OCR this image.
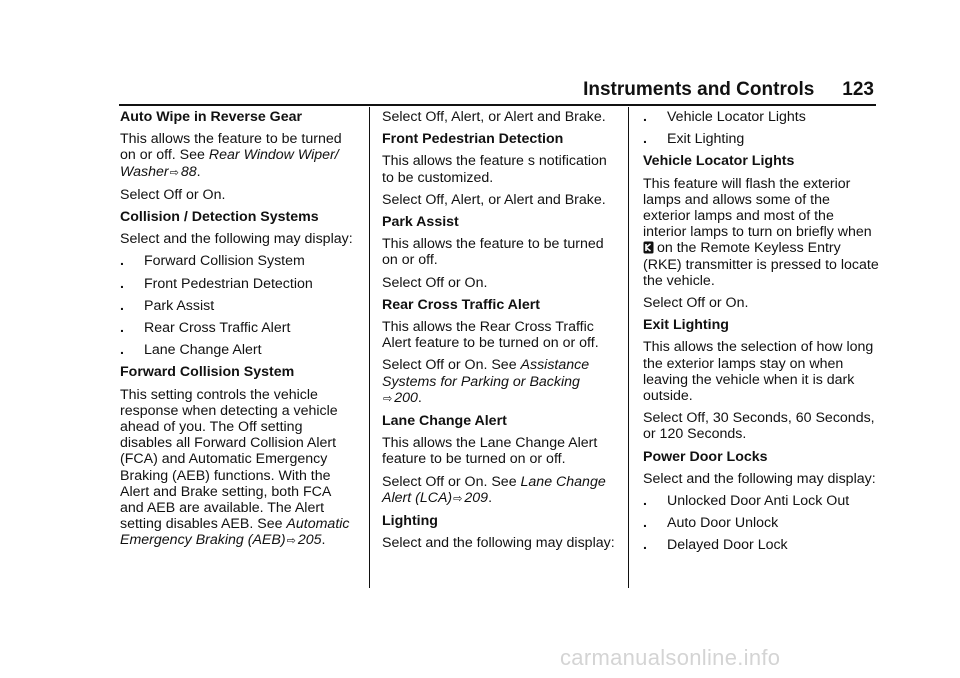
Instruments and Controls 123
Auto Wipe in Reverse Gear
This allows the feature to be turned on or off. See Rear Window Wiper/ Washer⇨ 88.
Select Off or On.
Collision / Detection Systems
Select and the following may display:
.	Forward Collision System
.	Front Pedestrian Detection
.	Park Assist
.	Rear Cross Traffic Alert
.	Lane Change Alert
Forward Collision System
This setting controls the vehicle response when detecting a vehicle ahead of you. The Off setting disables all Forward Collision Alert (FCA) and Automatic Emergency Braking (AEB) functions. With the Alert and Brake setting, both FCA and AEB are available. The Alert setting disables AEB. See Automatic Emergency Braking (AEB)⇨ 205.
Select Off, Alert, or Alert and Brake.
Front Pedestrian Detection
This allows the feature s notification to be customized.
Select Off, Alert, or Alert and Brake.
Park Assist
This allows the feature to be turned on or off.
Select Off or On.
Rear Cross Traffic Alert
This allows the Rear Cross Traffic Alert feature to be turned on or off.
Select Off or On. See Assistance Systems for Parking or Backing
⇨ 200.
Lane Change Alert
This allows the Lane Change Alert feature to be turned on or off.
Select Off or On. See Lane Change Alert (LCA)⇨ 209.
Lighting
Select and the following may display:
.	Vehicle Locator Lights
.	Exit Lighting
Vehicle Locator Lights
This feature will flash the exterior lamps and allows some of the exterior lamps and most of the interior lamps to turn on briefly when
on the Remote Keyless Entry (RKE) transmitter is pressed to locate the vehicle.
Select Off or On.
Exit Lighting
This allows the selection of how long the exterior lamps stay on when leaving the vehicle when it is dark outside.
Select Off, 30 Seconds, 60 Seconds, or 120 Seconds.
Power Door Locks
Select and the following may display:
.	Unlocked Door Anti Lock Out
.	Auto Door Unlock
.	Delayed Door Lock
carmanualsonline.info
